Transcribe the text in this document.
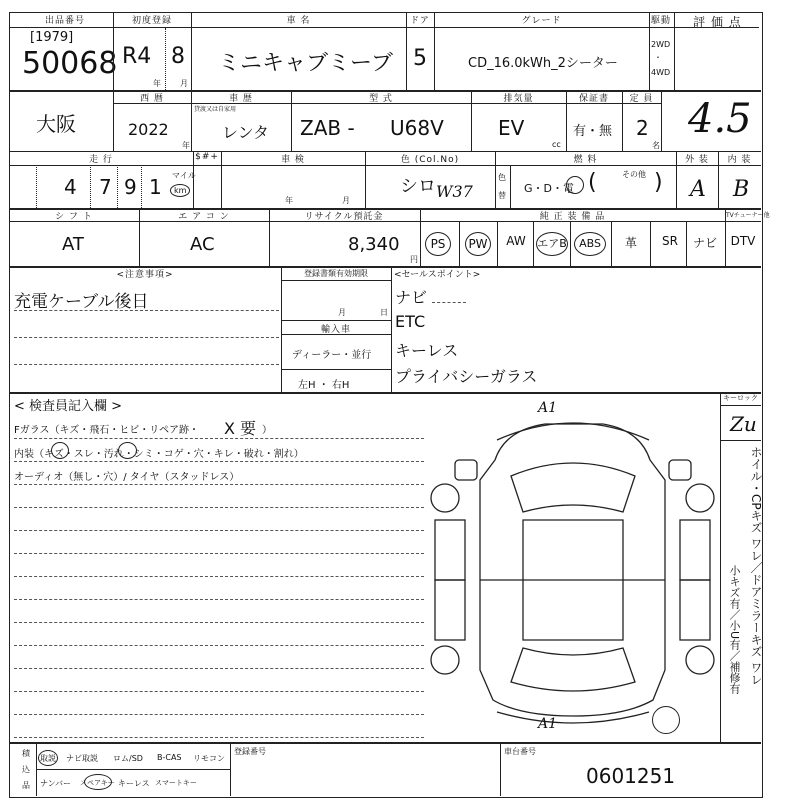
出品番号
[1979]
50068
初度登録
R4 8
年 月
車 名
ミニキャブミーブ
ドア
5
グレード
CD_16.0kWh_2シーター
駆動
2WD
・
4WD
評 価 点
大阪
西 暦
2022
年
車 歴
貸渡又は自家用
レンタ
型 式
ZAB - U68V
排気量
EV
cc
保証書
有・無
定 員
2
名
4.5
走 行
4 7 9 1 マイル
km
$#+	車 検
年	月
色 (Col.No)
シロ W37
色
替
燃 料
G・D・電 (	その他 )
外 装
A
内 装
B
シ フ ト
AT
エ ア コ ン
AC
リサイクル預託金
8,340
円
純 正 装 備 品	TVチューナー他
PS	PW	AW	エアB	ABS	革	SR	ナビ DTV
<注意事項>
充電ケーブル後日
登録書類有効期限
月	日
輸入車
ディーラー・並行
左H ・ 右H
<セールスポイント>
ナビ
ETC
キーレス
プライバシーガラス
< 検査員記入欄 >
Fガラス（キズ・飛石・ヒビ・リペア跡・ X 要 ）
内装（キズ・スレ・汚れ・シミ・コゲ・穴・キレ・破れ・割れ）
オーディオ（無し・穴）/ タイヤ（スタッドレス）
A1
A1
キーロック
Zu
ホイル・CPキズ ワレ／ドアミラーキズ ワレ
小キズ有／小U有／補修有
積
込
品
取説 ナビ取説 ロム/SD B-CAS リモコン
ナンバー スペアキー キーレス スマートキー
登録番号	車台番号
0601251
